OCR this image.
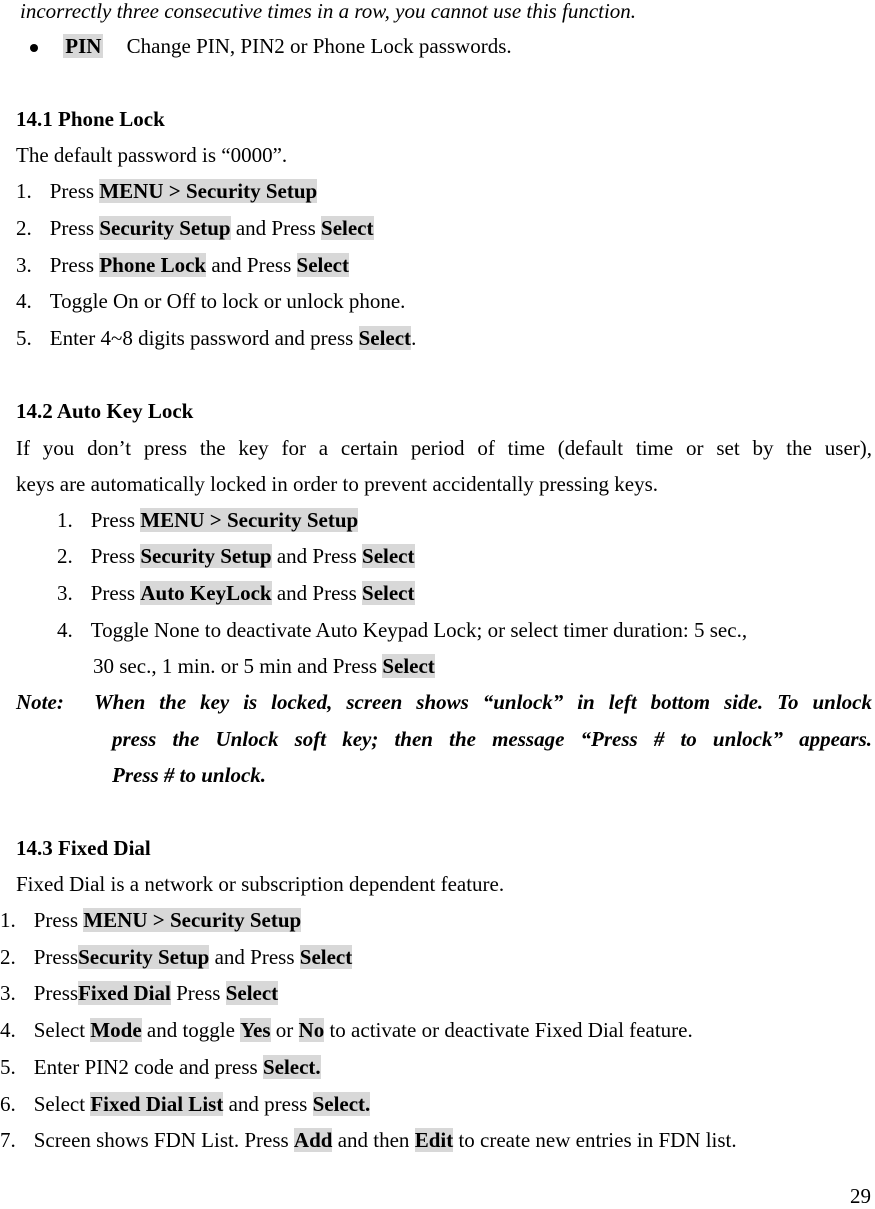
incorrectly three consecutive times in a row, you cannot use this function.
PIN Change PIN, PIN2 or Phone Lock passwords.
14.1 Phone Lock
The default password is “0000”.
1. Press MENU > Security Setup
2. Press Security Setup and Press Select
3. Press Phone Lock and Press Select
4. Toggle On or Off to lock or unlock phone.
5. Enter 4~8 digits password and press Select.
14.2 Auto Key Lock
If you don’t press the key for a certain period of time (default time or set by the user),
keys are automatically locked in order to prevent accidentally pressing keys.
1. Press MENU > Security Setup
2. Press Security Setup and Press Select
3. Press Auto KeyLock and Press Select
4. Toggle None to deactivate Auto Keypad Lock; or select timer duration: 5 sec.,
30 sec., 1 min. or 5 min and Press Select
Note: When the key is locked, screen shows “unlock” in left bottom side. To unlock
press the Unlock soft key; then the message “Press # to unlock” appears.
Press # to unlock.
14.3 Fixed Dial
Fixed Dial is a network or subscription dependent feature.
1. Press MENU > Security Setup
2. PressSecurity Setup and Press Select
3. PressFixed Dial Press Select
4. Select Mode and toggle Yes or No to activate or deactivate Fixed Dial feature.
5. Enter PIN2 code and press Select.
6. Select Fixed Dial List and press Select.
7. Screen shows FDN List. Press Add and then Edit to create new entries in FDN list.
29
